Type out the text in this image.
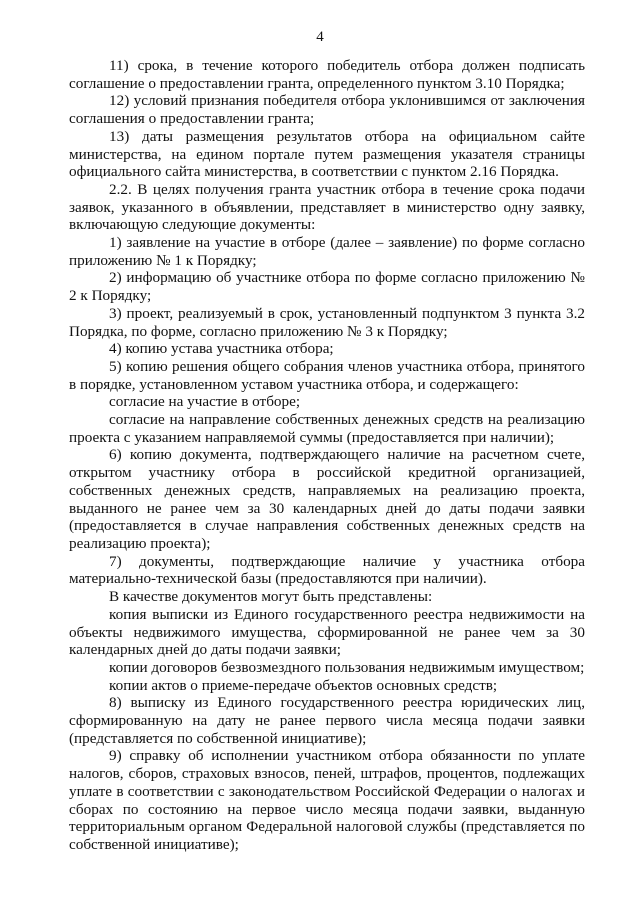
4

11) срока, в течение которого победитель отбора должен подписать соглашение о предоставлении гранта, определенного пунктом 3.10 Порядка;

12) условий признания победителя отбора уклонившимся от заключения соглашения о предоставлении гранта;

13) даты размещения результатов отбора на официальном сайте министерства, на едином портале путем размещения указателя страницы официального сайта министерства, в соответствии с пунктом 2.16 Порядка.

2.2. В целях получения гранта участник отбора в течение срока подачи заявок, указанного в объявлении, представляет в министерство одну заявку, включающую следующие документы:

1) заявление на участие в отборе (далее – заявление) по форме согласно приложению № 1 к Порядку;

2) информацию об участнике отбора по форме согласно приложению № 2 к Порядку;

3) проект, реализуемый в срок, установленный подпунктом 3 пункта 3.2 Порядка, по форме, согласно приложению № 3 к Порядку;

4) копию устава участника отбора;

5) копию решения общего собрания членов участника отбора, принятого в порядке, установленном уставом участника отбора, и содержащего:

согласие на участие в отборе;

согласие на направление собственных денежных средств на реализацию проекта с указанием направляемой суммы (предоставляется при наличии);

6) копию документа, подтверждающего наличие на расчетном счете, открытом участнику отбора в российской кредитной организацией, собственных денежных средств, направляемых на реализацию проекта, выданного не ранее чем за 30 календарных дней до даты подачи заявки (предоставляется в случае направления собственных денежных средств на реализацию проекта);

7) документы, подтверждающие наличие у участника отбора материально-технической базы (предоставляются при наличии).

В качестве документов могут быть представлены:

копия выписки из Единого государственного реестра недвижимости на объекты недвижимого имущества, сформированной не ранее чем за 30 календарных дней до даты подачи заявки;

копии договоров безвозмездного пользования недвижимым имуществом;

копии актов о приеме-передаче объектов основных средств;

8) выписку из Единого государственного реестра юридических лиц, сформированную на дату не ранее первого числа месяца подачи заявки (представляется по собственной инициативе);

9) справку об исполнении участником отбора обязанности по уплате налогов, сборов, страховых взносов, пеней, штрафов, процентов, подлежащих уплате в соответствии с законодательством Российской Федерации о налогах и сборах по состоянию на первое число месяца подачи заявки, выданную территориальным органом Федеральной налоговой службы (представляется по собственной инициативе);
